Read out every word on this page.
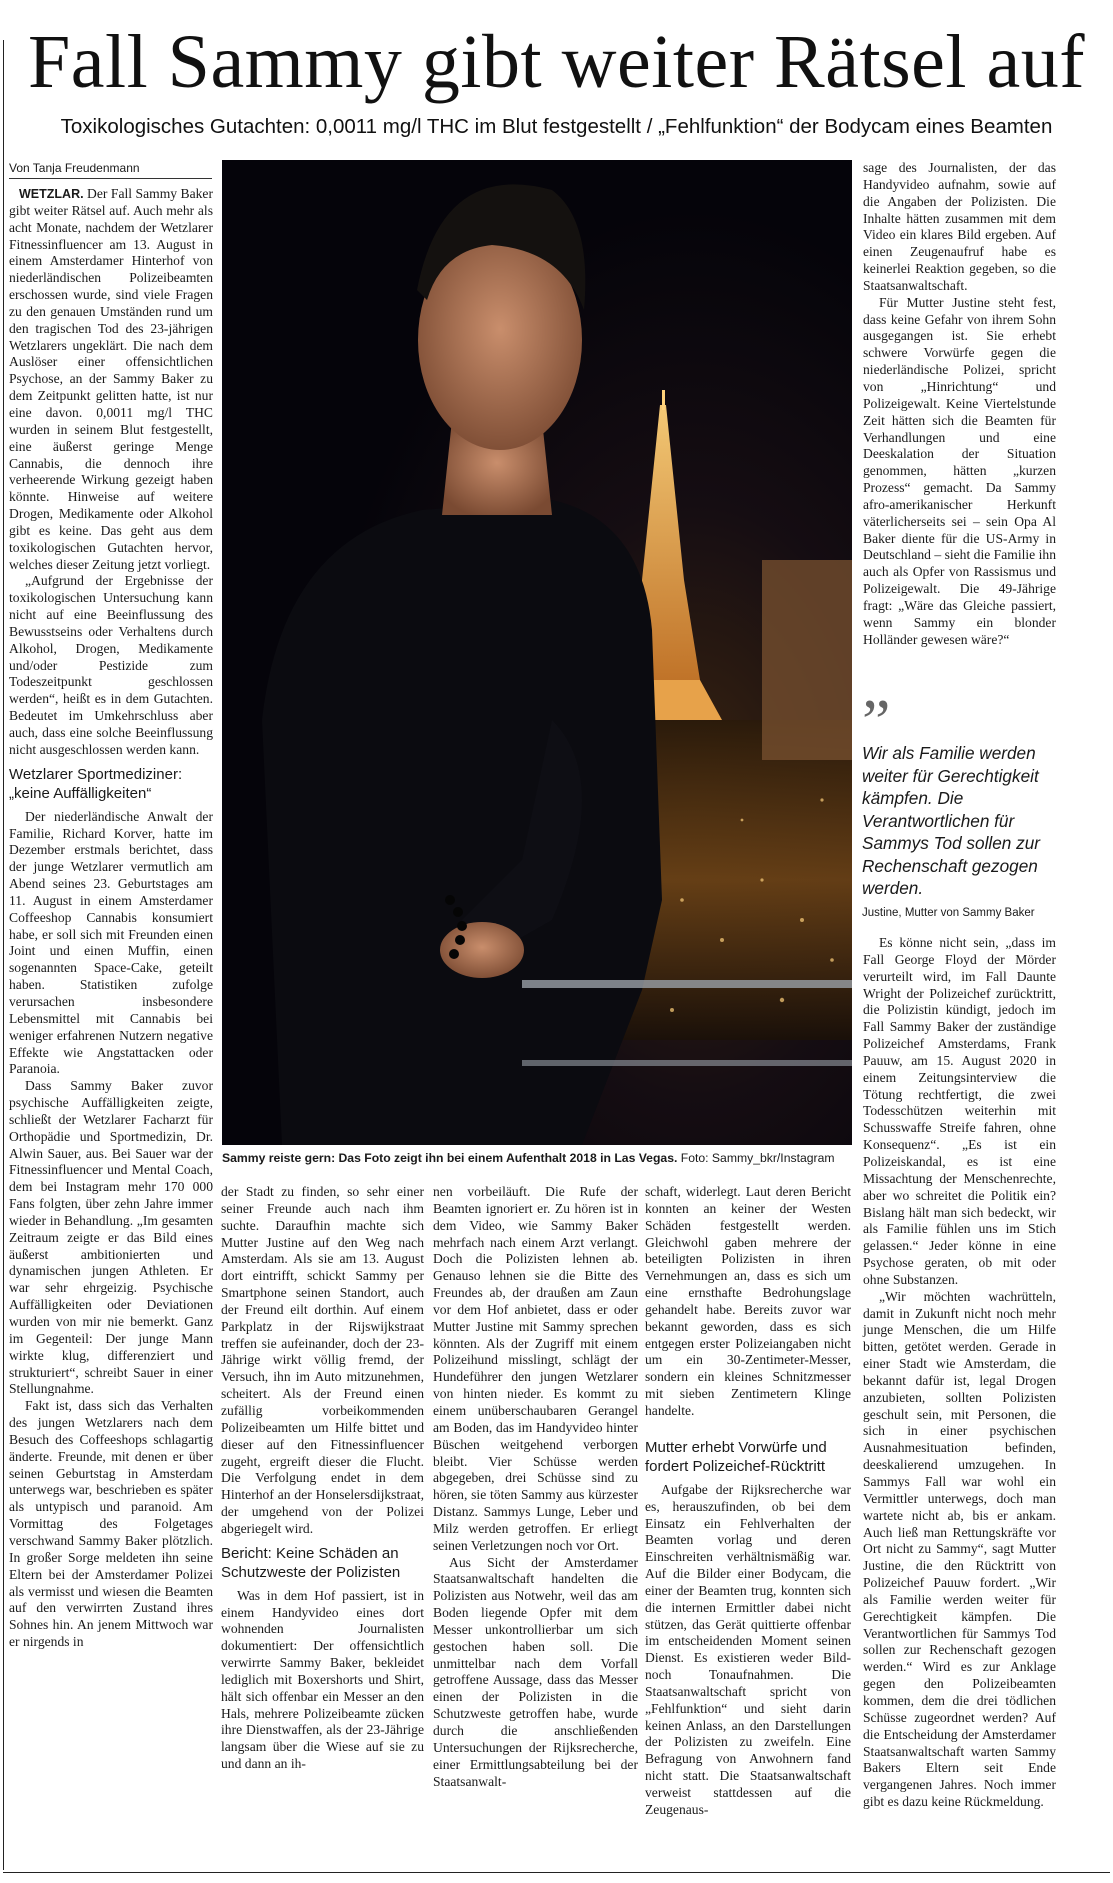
Fall Sammy gibt weiter Rätsel auf
Toxikologisches Gutachten: 0,0011 mg/l THC im Blut festgestellt / „Fehlfunktion“ der Bodycam eines Beamten
Von Tanja Freudenmann

WETZLAR. Der Fall Sammy Baker gibt weiter Rätsel auf. Auch mehr als acht Monate, nachdem der Wetzlarer Fitnessinfluencer am 13. August in einem Amsterdamer Hinterhof von niederländischen Polizeibeamten erschossen wurde, sind viele Fragen zu den genauen Umständen rund um den tragischen Tod des 23-jährigen Wetzlarers ungeklärt. Die nach dem Auslöser einer offensichtlichen Psychose, an der Sammy Baker zu dem Zeitpunkt gelitten hatte, ist nur eine davon. 0,0011 mg/l THC wurden in seinem Blut festgestellt, eine äußerst geringe Menge Cannabis, die dennoch ihre verheerende Wirkung gezeigt haben könnte. Hinweise auf weitere Drogen, Medikamente oder Alkohol gibt es keine. Das geht aus dem toxikologischen Gutachten hervor, welches dieser Zeitung jetzt vorliegt.

„Aufgrund der Ergebnisse der toxikologischen Untersuchung kann nicht auf eine Beeinflussung des Bewusstseins oder Verhaltens durch Alkohol, Drogen, Medikamente und/oder Pestizide zum Todeszeitpunkt geschlossen werden“, heißt es in dem Gutachten. Bedeutet im Umkehrschluss aber auch, dass eine solche Beeinflussung nicht ausgeschlossen werden kann.

Wetzlarer Sportmediziner: „keine Auffälligkeiten“

Der niederländische Anwalt der Familie, Richard Korver, hatte im Dezember erstmals berichtet, dass der junge Wetzlarer vermutlich am Abend seines 23. Geburtstages am 11. August in einem Amsterdamer Coffeeshop Cannabis konsumiert habe, er soll sich mit Freunden einen Joint und einen Muffin, einen sogenannten Space-Cake, geteilt haben. Statistiken zufolge verursachen insbesondere Lebensmittel mit Cannabis bei weniger erfahrenen Nutzern negative Effekte wie Angstattacken oder Paranoia.

Dass Sammy Baker zuvor psychische Auffälligkeiten zeigte, schließt der Wetzlarer Facharzt für Orthopädie und Sportmedizin, Dr. Alwin Sauer, aus. Bei Sauer war der Fitnessinfluencer und Mental Coach, dem bei Instagram mehr 170 000 Fans folgten, über zehn Jahre immer wieder in Behandlung. „Im gesamten Zeitraum zeigte er das Bild eines äußerst ambitionierten und dynamischen jungen Athleten. Er war sehr ehrgeizig. Psychische Auffälligkeiten oder Deviationen wurden von mir nie bemerkt. Ganz im Gegenteil: Der junge Mann wirkte klug, differenziert und strukturiert“, schreibt Sauer in einer Stellungnahme.

Fakt ist, dass sich das Verhalten des jungen Wetzlarers nach dem Besuch des Coffeeshops schlagartig änderte. Freunde, mit denen er über seinen Geburtstag in Amsterdam unterwegs war, beschrieben es später als untypisch und paranoid. Am Vormittag des Folgetages verschwand Sammy Baker plötzlich. In großer Sorge meldeten ihn seine Eltern bei der Amsterdamer Polizei als vermisst und wiesen die Beamten auf den verwirrten Zustand ihres Sohnes hin. An jenem Mittwoch war er nirgends in

Sammy reiste gern: Das Foto zeigt ihn bei einem Aufenthalt 2018 in Las Vegas. Foto: Sammy_bkr/Instagram

der Stadt zu finden, so sehr einer seiner Freunde auch nach ihm suchte. Daraufhin machte sich Mutter Justine auf den Weg nach Amsterdam. Als sie am 13. August dort eintrifft, schickt Sammy per Smartphone seinen Standort, auch der Freund eilt dorthin. Auf einem Parkplatz in der Rijswijkstraat treffen sie aufeinander, doch der 23-Jährige wirkt völlig fremd, der Versuch, ihn im Auto mitzunehmen, scheitert. Als der Freund einen zufällig vorbeikommenden Polizeibeamten um Hilfe bittet und dieser auf den Fitnessinfluencer zugeht, ergreift dieser die Flucht. Die Verfolgung endet in dem Hinterhof an der Honselersdijkstraat, der umgehend von der Polizei abgeriegelt wird.

Bericht: Keine Schäden an Schutzweste der Polizisten

Was in dem Hof passiert, ist in einem Handyvideo eines dort wohnenden Journalisten dokumentiert: Der offensichtlich verwirrte Sammy Baker, bekleidet lediglich mit Boxershorts und Shirt, hält sich offenbar ein Messer an den Hals, mehrere Polizeibeamte zücken ihre Dienstwaffen, als der 23-Jährige langsam über die Wiese auf sie zu und dann an ih-

nen vorbeiläuft. Die Rufe der Beamten ignoriert er. Zu hören ist in dem Video, wie Sammy Baker mehrfach nach einem Arzt verlangt. Doch die Polizisten lehnen ab. Genauso lehnen sie die Bitte des Freundes ab, der draußen am Zaun vor dem Hof anbietet, dass er oder Mutter Justine mit Sammy sprechen könnten. Als der Zugriff mit einem Polizeihund misslingt, schlägt der Hundeführer den jungen Wetzlarer von hinten nieder. Es kommt zu einem unüberschaubaren Gerangel am Boden, das im Handyvideo hinter Büschen weitgehend verborgen bleibt. Vier Schüsse werden abgegeben, drei Schüsse sind zu hören, sie töten Sammy aus kürzester Distanz. Sammys Lunge, Leber und Milz werden getroffen. Er erliegt seinen Verletzungen noch vor Ort.

Aus Sicht der Amsterdamer Staatsanwaltschaft handelten die Polizisten aus Notwehr, weil das am Boden liegende Opfer mit dem Messer unkontrollierbar um sich gestochen haben soll. Die unmittelbar nach dem Vorfall getroffene Aussage, dass das Messer einen der Polizisten in die Schutzweste getroffen habe, wurde durch die anschließenden Untersuchungen der Rijksrecherche, einer Ermittlungsabteilung bei der Staatsanwalt-

schaft, widerlegt. Laut deren Bericht konnten an keiner der Westen Schäden festgestellt werden. Gleichwohl gaben mehrere der beteiligten Polizisten in ihren Vernehmungen an, dass es sich um eine ernsthafte Bedrohungslage gehandelt habe. Bereits zuvor war bekannt geworden, dass es sich entgegen erster Polizeiangaben nicht um ein 30-Zentimeter-Messer, sondern ein kleines Schnitzmesser mit sieben Zentimetern Klinge handelte.

Mutter erhebt Vorwürfe und fordert Polizeichef-Rücktritt

Aufgabe der Rijksrecherche war es, herauszufinden, ob bei dem Einsatz ein Fehlverhalten der Beamten vorlag und deren Einschreiten verhältnismäßig war. Auf die Bilder einer Bodycam, die einer der Beamten trug, konnten sich die internen Ermittler dabei nicht stützen, das Gerät quittierte offenbar im entscheidenden Moment seinen Dienst. Es existieren weder Bild- noch Tonaufnahmen. Die Staatsanwaltschaft spricht von „Fehlfunktion“ und sieht darin keinen Anlass, an den Darstellungen der Polizisten zu zweifeln. Eine Befragung von Anwohnern fand nicht statt. Die Staatsanwaltschaft verweist stattdessen auf die Zeugenaus-

sage des Journalisten, der das Handyvideo aufnahm, sowie auf die Angaben der Polizisten. Die Inhalte hätten zusammen mit dem Video ein klares Bild ergeben. Auf einen Zeugenaufruf habe es keinerlei Reaktion gegeben, so die Staatsanwaltschaft.

Für Mutter Justine steht fest, dass keine Gefahr von ihrem Sohn ausgegangen ist. Sie erhebt schwere Vorwürfe gegen die niederländische Polizei, spricht von „Hinrichtung“ und Polizeigewalt. Keine Viertelstunde Zeit hätten sich die Beamten für Verhandlungen und eine Deeskalation der Situation genommen, hätten „kurzen Prozess“ gemacht. Da Sammy afro-amerikanischer Herkunft väterlicherseits sei – sein Opa Al Baker diente für die US-Army in Deutschland – sieht die Familie ihn auch als Opfer von Rassismus und Polizeigewalt. Die 49-Jährige fragt: „Wäre das Gleiche passiert, wenn Sammy ein blonder Holländer gewesen wäre?“

”
Wir als Familie werden weiter für Gerechtigkeit kämpfen. Die Verantwortlichen für Sammys Tod sollen zur Rechenschaft gezogen werden.
Justine, Mutter von Sammy Baker

Es könne nicht sein, „dass im Fall George Floyd der Mörder verurteilt wird, im Fall Daunte Wright der Polizeichef zurücktritt, die Polizistin kündigt, jedoch im Fall Sammy Baker der zuständige Polizeichef Amsterdams, Frank Pauuw, am 15. August 2020 in einem Zeitungsinterview die Tötung rechtfertigt, die zwei Todesschützen weiterhin mit Schusswaffe Streife fahren, ohne Konsequenz“. „Es ist ein Polizeiskandal, es ist eine Missachtung der Menschenrechte, aber wo schreitet die Politik ein? Bislang hält man sich bedeckt, wir als Familie fühlen uns im Stich gelassen.“ Jeder könne in eine Psychose geraten, ob mit oder ohne Substanzen.

„Wir möchten wachrütteln, damit in Zukunft nicht noch mehr junge Menschen, die um Hilfe bitten, getötet werden. Gerade in einer Stadt wie Amsterdam, die bekannt dafür ist, legal Drogen anzubieten, sollten Polizisten geschult sein, mit Personen, die sich in einer psychischen Ausnahmesituation befinden, deeskalierend umzugehen. In Sammys Fall war wohl ein Vermittler unterwegs, doch man wartete nicht ab, bis er ankam. Auch ließ man Rettungskräfte vor Ort nicht zu Sammy“, sagt Mutter Justine, die den Rücktritt von Polizeichef Pauuw fordert. „Wir als Familie werden weiter für Gerechtigkeit kämpfen. Die Verantwortlichen für Sammys Tod sollen zur Rechenschaft gezogen werden.“ Wird es zur Anklage gegen den Polizeibeamten kommen, dem die drei tödlichen Schüsse zugeordnet werden? Auf die Entscheidung der Amsterdamer Staatsanwaltschaft warten Sammy Bakers Eltern seit Ende vergangenen Jahres. Noch immer gibt es dazu keine Rückmeldung.
